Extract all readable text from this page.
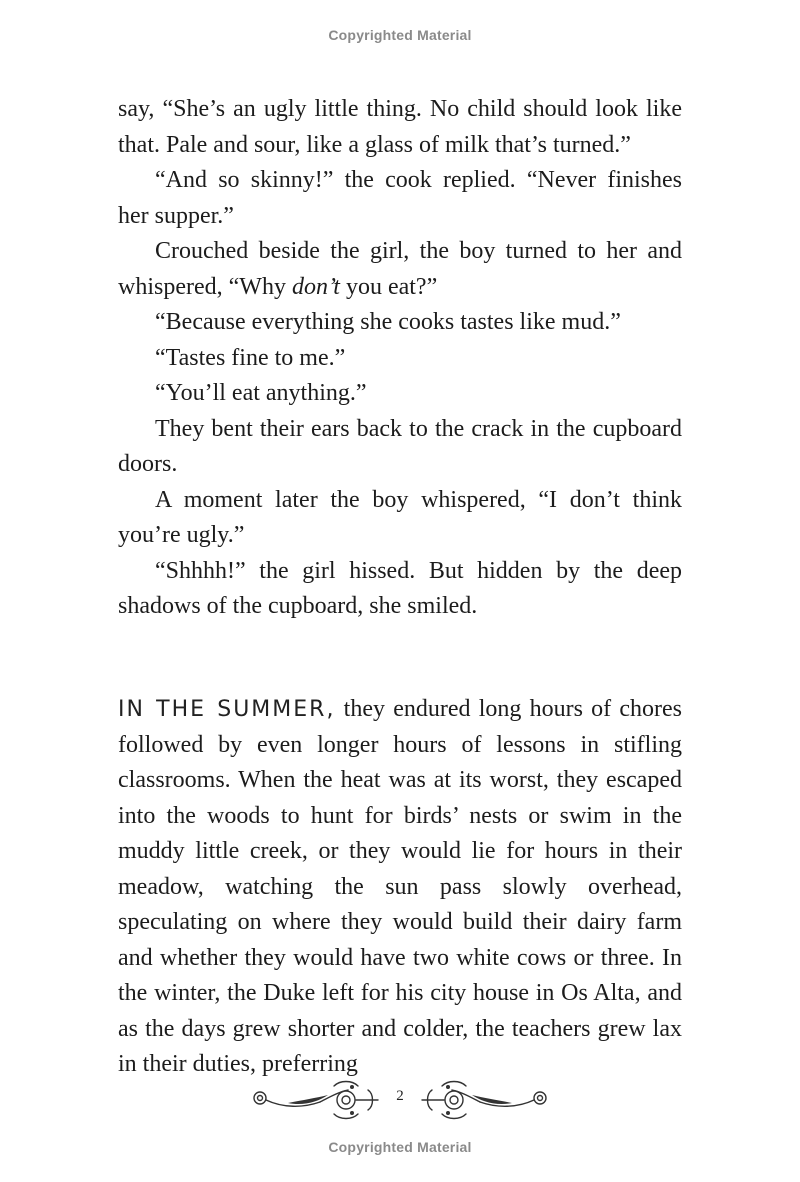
Copyrighted Material

say, “She’s an ugly little thing. No child should look like that. Pale and sour, like a glass of milk that’s turned.”

“And so skinny!” the cook replied. “Never finishes her supper.”

Crouched beside the girl, the boy turned to her and whispered, “Why don’t you eat?”

“Because everything she cooks tastes like mud.”

“Tastes fine to me.”

“You’ll eat anything.”

They bent their ears back to the crack in the cupboard doors.

A moment later the boy whispered, “I don’t think you’re ugly.”

“Shhhh!” the girl hissed. But hidden by the deep shadows of the cupboard, she smiled.

IN THE SUMMER, they endured long hours of chores followed by even longer hours of lessons in stifling classrooms. When the heat was at its worst, they escaped into the woods to hunt for birds’ nests or swim in the muddy little creek, or they would lie for hours in their meadow, watching the sun pass slowly overhead, speculating on where they would build their dairy farm and whether they would have two white cows or three. In the winter, the Duke left for his city house in Os Alta, and as the days grew shorter and colder, the teachers grew lax in their duties, preferring

2
Copyrighted Material
